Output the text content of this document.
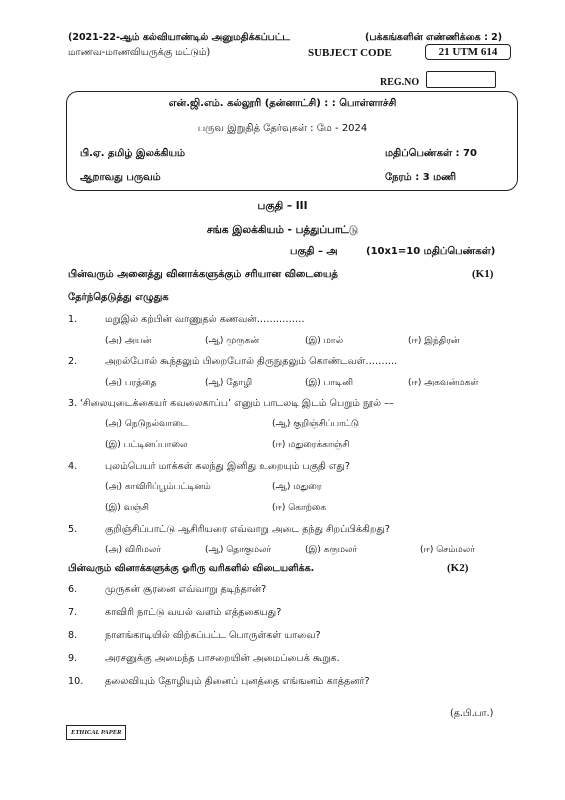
(2021-22-ஆம் கல்வியாண்டில் அனுமதிக்கப்பட்ட	(பக்கங்களின் எண்ணிக்கை : 2)
மாணவ-மாணவியருக்கு மட்டும்)	SUBJECT CODE	21 UTM 614
REG.NO
என்.ஜி.எம். கல்லூரி (தன்னாட்சி) : : பொள்ளாச்சி
பருவ இறுதித் தேர்வுகள் : மே - 2024
பி.ஏ. தமிழ் இலக்கியம்	மதிப்பெண்கள் : 70
ஆறாவது பருவம்	நேரம் : 3 மணி
பகுதி – III
சங்க இலக்கியம் - பத்துப்பாட்டு
பகுதி – அ	(10x1=10 மதிப்பெண்கள்)
பின்வரும் அனைத்து வினாக்களுக்கும் சரியான விடையைத்	(K1)
தேர்ந்தெடுத்து எழுதுக
1.	மறுஇல் கற்பின் வாணுதல் கணவன்……………
(அ) அயன்	(ஆ) முருகன்	(இ) மால்	(ஈ) இந்திரன்
2.	அறல்போல் கூந்தலும் பிறைபோல் திருநுதலும் கொண்டவள்……….
(அ) பரத்தை	(ஆ) தோழி	(இ) பாடினி	(ஈ) அகவன்மகள்
3. ‘சிலையுடைக்கையர் கவலைகாப்ப’ எனும் பாடலடி இடம் பெறும் நூல் ––
(அ) நெடுநல்வாடை	(ஆ) குறிஞ்சிப்பாட்டு
(இ) பட்டினப்பாலை	(ஈ) மதுரைக்காஞ்சி
4.	புலம்பெயர் மாக்கள் கலந்து இனிது உறையும் பகுதி எது?
(அ) காவிரிப்பூம்பட்டினம்	(ஆ) மதுரை
(இ) வஞ்சி	(ஈ) கொற்கை
5.	குறிஞ்சிப்பாட்டு ஆசிரியரை எவ்வாறு அடை தந்து சிறப்பிக்கிறது?
(அ) விரிமலர்	(ஆ) தொகுமலர்	(இ) கருமலர்	(ஈ) செம்மலர்
பின்வரும் வினாக்களுக்கு ஓரிரு வரிகளில் விடையளிக்க.	(K2)
6.	முருகன் சூரனை எவ்வாறு தடிந்தான்?
7.	காவிரி நாட்டு வயல் வளம் எத்தகையது?
8.	நாளங்காடியில் விற்கப்பட்ட பொருள்கள் யாவை?
9.	அரசனுக்கு அமைந்த பாசறையின் அமைப்பைக் கூறுக.
10. தலைவியும் தோழியும் தினைப் புனத்தை எங்ஙனம் காத்தனர்?
(த.பி.பா.)
ETHICAL PAPER
